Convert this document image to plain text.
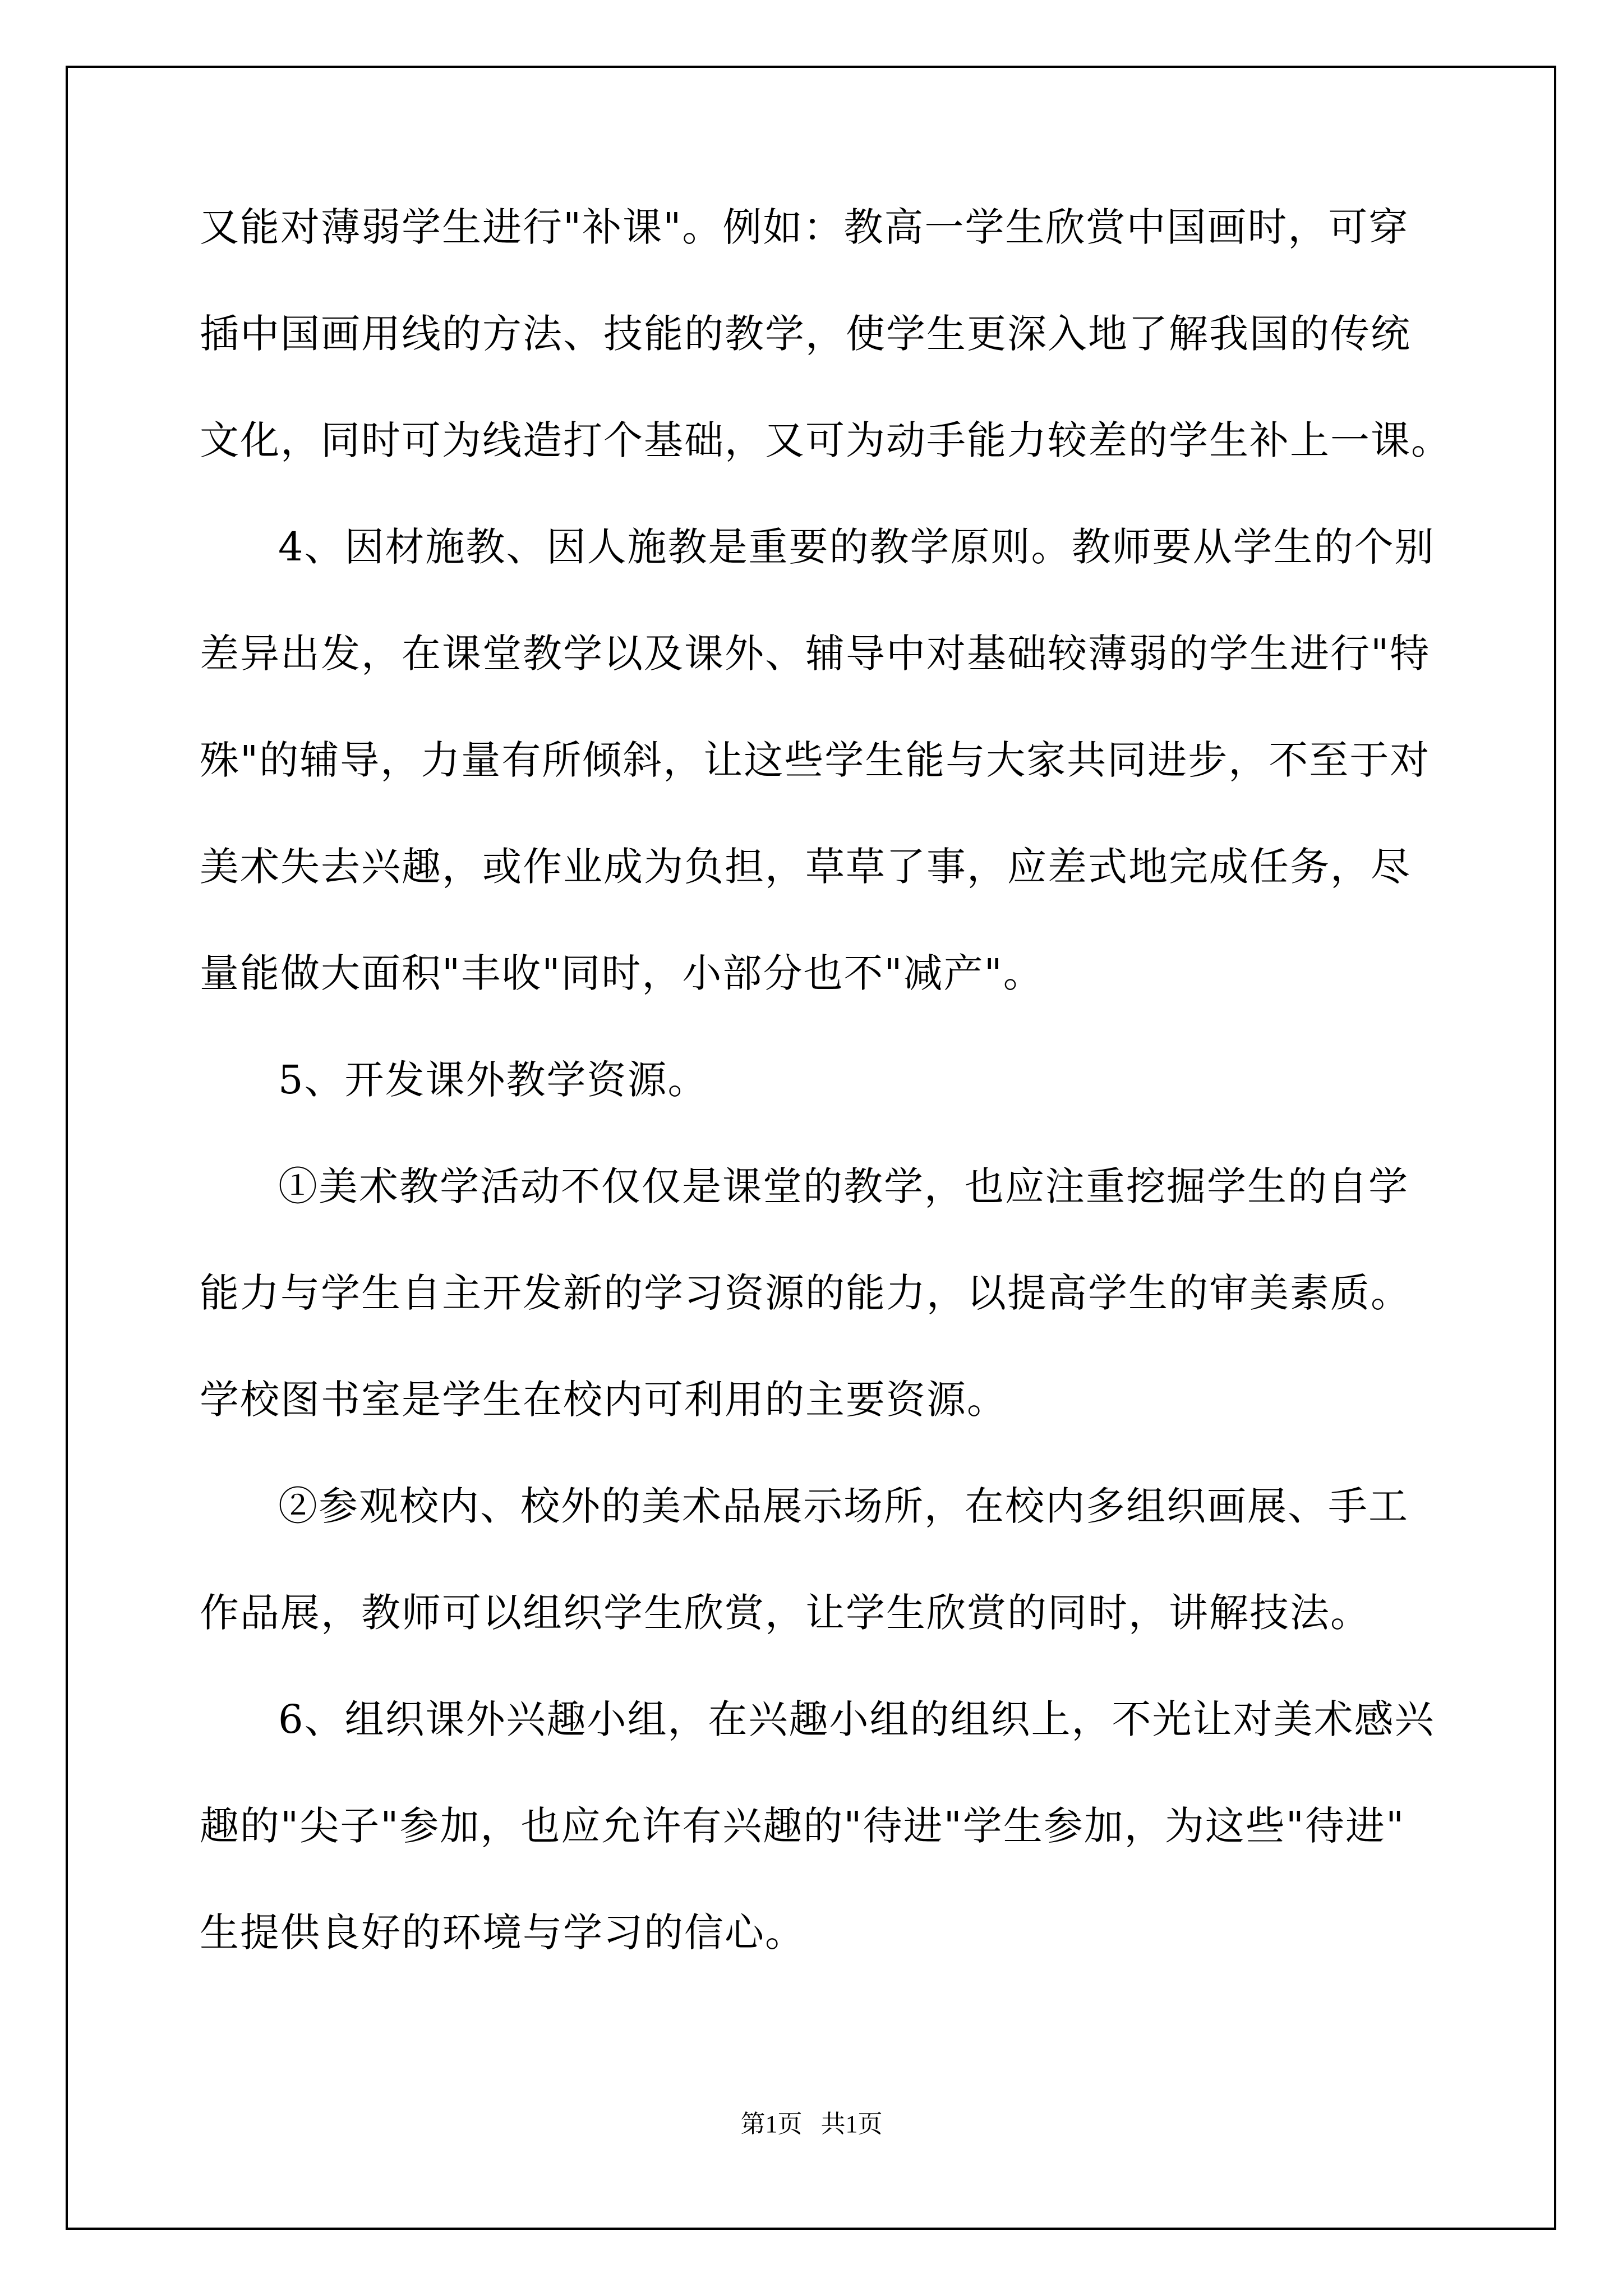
又能对薄弱学生进行"补课"。例如：教高一学生欣赏中国画时，可穿
插中国画用线的方法、技能的教学，使学生更深入地了解我国的传统
文化，同时可为线造打个基础，又可为动手能力较差的学生补上一课。
4、因材施教、因人施教是重要的教学原则。教师要从学生的个别
差异出发，在课堂教学以及课外、辅导中对基础较薄弱的学生进行"特
殊"的辅导，力量有所倾斜，让这些学生能与大家共同进步，不至于对
美术失去兴趣，或作业成为负担，草草了事，应差式地完成任务，尽
量能做大面积"丰收"同时，小部分也不"减产"。
5、开发课外教学资源。
①美术教学活动不仅仅是课堂的教学，也应注重挖掘学生的自学
能力与学生自主开发新的学习资源的能力，以提高学生的审美素质。
学校图书室是学生在校内可利用的主要资源。
②参观校内、校外的美术品展示场所，在校内多组织画展、手工
作品展，教师可以组织学生欣赏，让学生欣赏的同时，讲解技法。
6、组织课外兴趣小组，在兴趣小组的组织上，不光让对美术感兴
趣的"尖子"参加，也应允许有兴趣的"待进"学生参加，为这些"待进"
生提供良好的环境与学习的信心。
第1页   共1页
